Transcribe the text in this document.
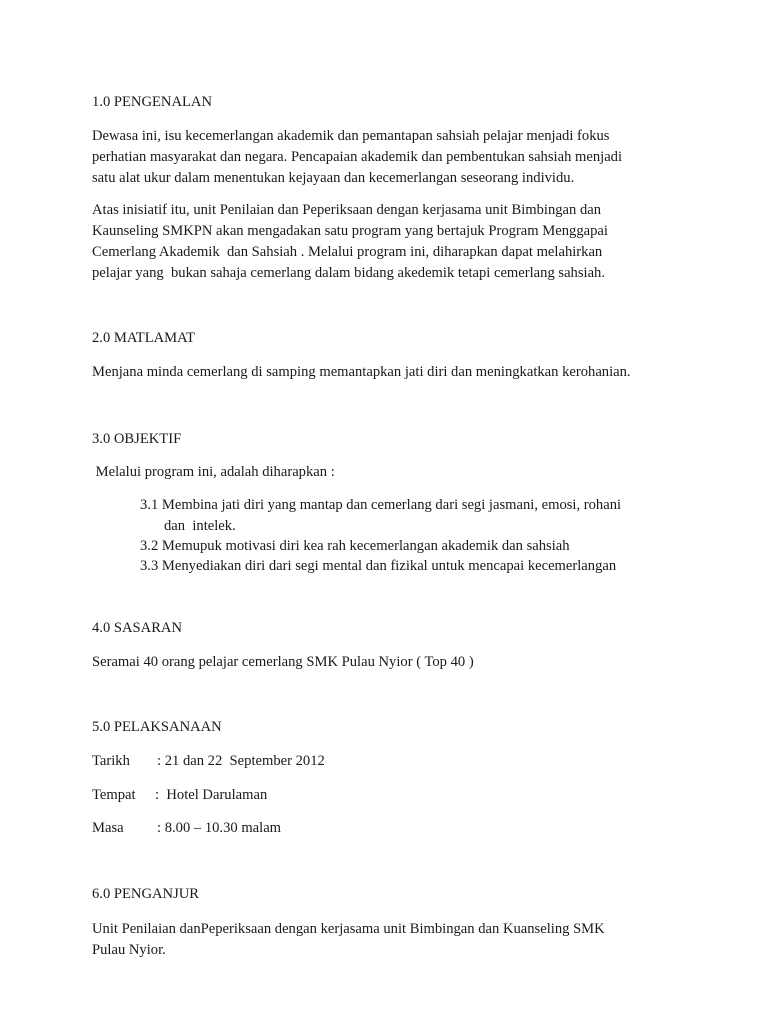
1.0 PENGENALAN
Dewasa ini, isu kecemerlangan akademik dan pemantapan sahsiah pelajar menjadi fokus
perhatian masyarakat dan negara. Pencapaian akademik dan pembentukan sahsiah menjadi
satu alat ukur dalam menentukan kejayaan dan kecemerlangan seseorang individu.
Atas inisiatif itu, unit Penilaian dan Peperiksaan dengan kerjasama unit Bimbingan dan
Kaunseling SMKPN akan mengadakan satu program yang bertajuk Program Menggapai
Cemerlang Akademik  dan Sahsiah . Melalui program ini, diharapkan dapat melahirkan
pelajar yang  bukan sahaja cemerlang dalam bidang akedemik tetapi cemerlang sahsiah.
2.0 MATLAMAT
Menjana minda cemerlang di samping memantapkan jati diri dan meningkatkan kerohanian.
3.0 OBJEKTIF
Melalui program ini, adalah diharapkan :
3.1 Membina jati diri yang mantap dan cemerlang dari segi jasmani, emosi, rohani
dan  intelek.
3.2 Memupuk motivasi diri kea rah kecemerlangan akademik dan sahsiah
3.3 Menyediakan diri dari segi mental dan fizikal untuk mencapai kecemerlangan
4.0 SASARAN
Seramai 40 orang pelajar cemerlang SMK Pulau Nyior ( Top 40 )
5.0 PELAKSANAAN
Tarikh : 21 dan 22  September 2012
Tempat :  Hotel Darulaman
Masa : 8.00 – 10.30 malam
6.0 PENGANJUR
Unit Penilaian danPeperiksaan dengan kerjasama unit Bimbingan dan Kuanseling SMK
Pulau Nyior.
